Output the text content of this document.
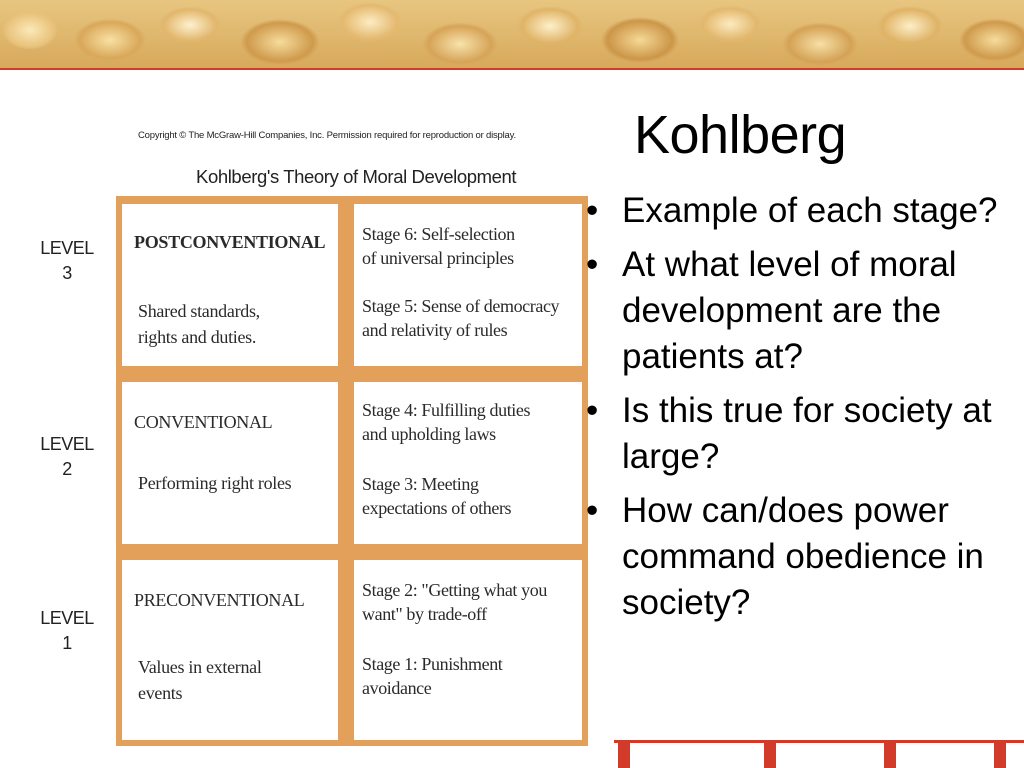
Copyright © The McGraw-Hill Companies, Inc. Permission required for reproduction or display.
Kohlberg's Theory of Moral Development
LEVEL
3
LEVEL
2
LEVEL
1
POSTCONVENTIONAL
Shared standards,
rights and duties.
Stage 6: Self-selection
of universal principles
Stage 5: Sense of democracy
and relativity of rules
CONVENTIONAL
Performing right roles
Stage 4: Fulfilling duties
and upholding laws
Stage 3: Meeting
expectations of others
PRECONVENTIONAL
Values in external
events
Stage 2: "Getting what you
want" by trade-off
Stage 1: Punishment
avoidance
Kohlberg
• Example of each stage?
• At what level of moral development are the patients at?
• Is this true for society at large?
• How can/does power command obedience in society?
